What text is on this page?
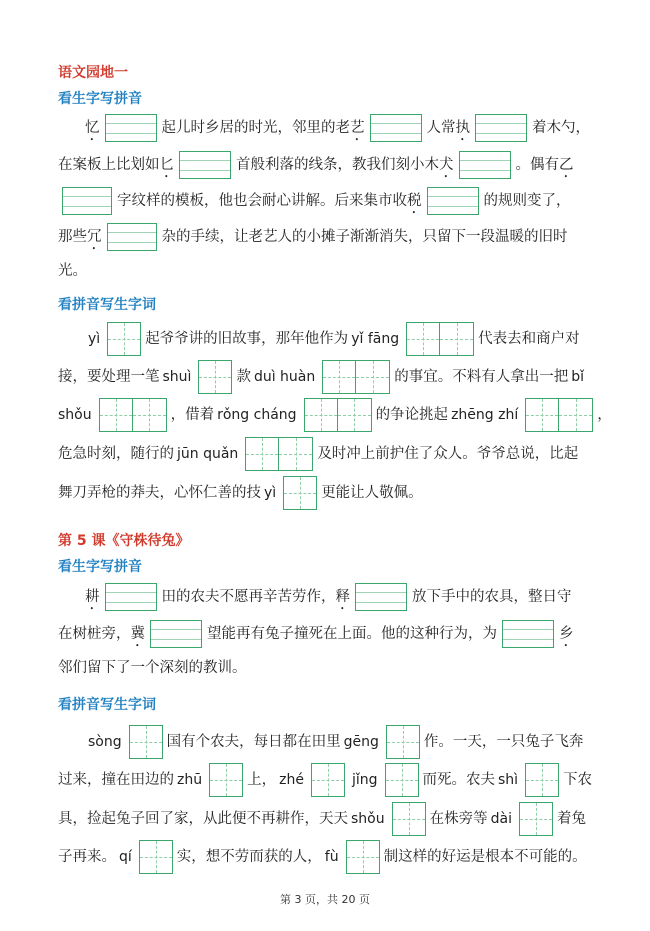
语文园地一
看生字写拼音
忆	起儿时乡居的时光，邻里的老 艺	人常 执	着木勺，
在案板上比划如 匕	首般利落的线条，教我们刻小木 犬	。偶有 乙
字纹样的模板，他也会耐心讲解。后来集市收 税	的规则变了，
那些 冗	杂的手续，让老艺人的小摊子渐渐消失，只留下一段温暖的旧时
光。
看拼音写生字词
yì	起爷爷讲的旧故事，那年他作为 yǐ fāng	代表去和商户对
接，要处理一笔 shuì	款 duì huàn	的事宜。不料有人拿出一把 bǐ
shǒu	，借着 rǒng cháng	的争论挑起 zhēng zhí	，
危急时刻，随行的 jūn quǎn	及时冲上前护住了众人。爷爷总说，比起
舞刀弄枪的莽夫，心怀仁善的技 yì	更能让人敬佩。
第 5 课《守株待兔》
看生字写拼音
耕	田的农夫不愿再辛苦劳作， 释	放下手中的农具，整日守
在树桩旁， 冀	望能再有兔子撞死在上面。他的这种行为，为	乡
邻们留下了一个深刻的教训。
看拼音写生字词
sòng	国有个农夫，每日都在田里 gēng	作。一天，一只兔子飞奔
过来，撞在田边的 zhū	上， zhé	jǐng	而死。农夫 shì	下农
具，捡起兔子回了家，从此便不再耕作，天天 shǒu	在株旁等 dài	着兔
子再来。 qí	实，想不劳而获的人， fù	制这样的好运是根本不可能的。
第 3 页，共 20 页
